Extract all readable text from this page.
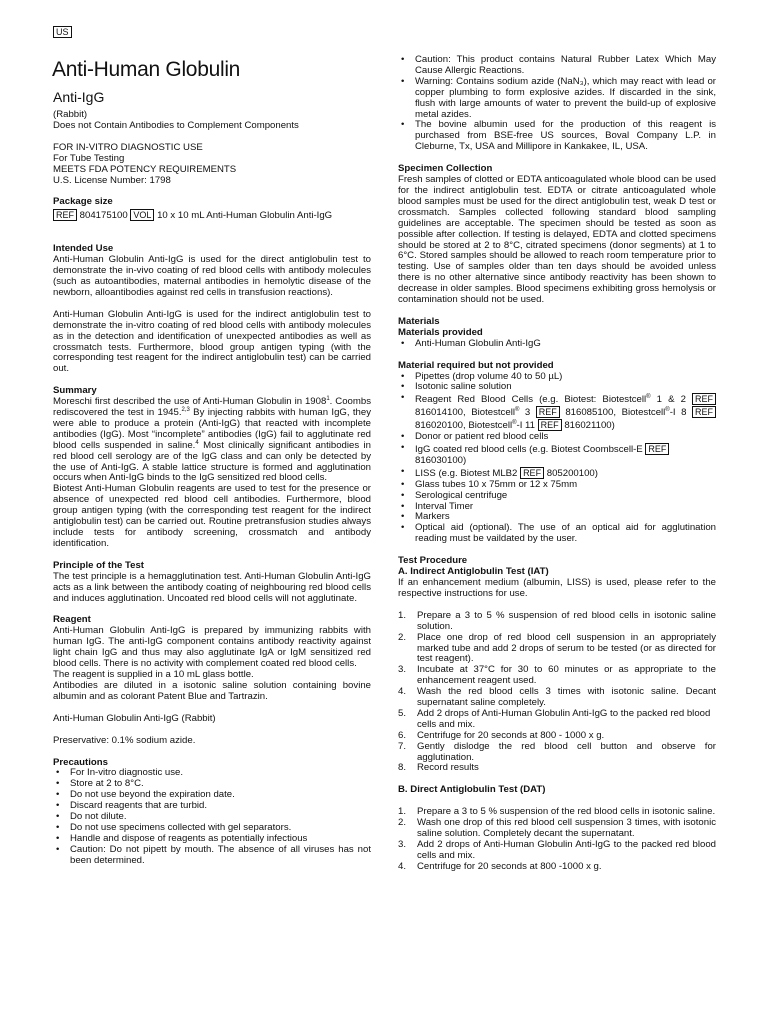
US
Anti-Human Globulin
Anti-IgG

(Rabbit)

Does not Contain Antibodies to Complement Components

FOR IN-VITRO DIAGNOSTIC USE

For Tube Testing

MEETS FDA POTENCY REQUIREMENTS

U.S. License Number: 1798

Package size

REF 804175100 VOL 10 x 10 mL Anti-Human Globulin Anti-IgG

Intended Use

Anti-Human Globulin Anti-IgG is used for the direct antiglobulin test to demonstrate the in-vivo coating of red blood cells with antibody molecules (such as autoantibodies, maternal antibodies in hemolytic disease of the newborn, alloantibodies against red cells in transfusion reactions).

Anti-Human Globulin Anti-IgG is used for the indirect antiglobulin test to demonstrate the in-vitro coating of red blood cells with antibody molecules as in the detection and identification of unexpected antibodies as well as crossmatch tests. Furthermore, blood group antigen typing (with the corresponding test reagent for the indirect antiglobulin test) can be carried out.

Summary

Moreschi first described the use of Anti-Human Globulin in 1908$^1$. Coombs rediscovered the test in 1945.$^{2,3}$ By injecting rabbits with human IgG, they were able to produce a protein (Anti-IgG) that reacted with incomplete antibodies (IgG). Most “incomplete” antibodies (IgG) fail to agglutinate red blood cells suspended in saline.$^4$ Most clinically significant antibodies in red blood cell serology are of the IgG class and can only be detected by the use of Anti-IgG. A stable lattice structure is formed and agglutination occurs when Anti-IgG binds to the IgG sensitized red blood cells.

Biotest Anti-Human Globulin reagents are used to test for the presence or absence of unexpected red blood cell antibodies. Furthermore, blood group antigen typing (with the corresponding test reagent for the indirect antiglobulin test) can be carried out. Routine pretransfusion studies always include tests for antibody screening, crossmatch and antibody identification.

Principle of the Test

The test principle is a hemagglutination test. Anti-Human Globulin Anti-IgG acts as a link between the antibody coating of neighbouring red blood cells and induces agglutination. Uncoated red blood cells will not agglutinate.

Reagent

Anti-Human Globulin Anti-IgG is prepared by immunizing rabbits with human IgG. The anti-IgG component contains antibody reactivity against light chain IgG and thus may also agglutinate IgA or IgM sensitized red blood cells. There is no activity with complement coated red blood cells.

The reagent is supplied in a 10 mL glass bottle.

Antibodies are diluted in a isotonic saline solution containing bovine albumin and as colorant Patent Blue and Tartrazin.

Anti-Human Globulin Anti-IgG (Rabbit)

Preservative: 0.1% sodium azide.

Precautions

• For In-vitro diagnostic use.
• Store at 2 to 8°C.
• Do not use beyond the expiration date.
• Discard reagents that are turbid.
• Do not dilute.
• Do not use specimens collected with gel separators.
• Handle and dispose of reagents as potentially infectious
• Caution: Do not pipett by mouth. The absence of all viruses has not been determined.
• Caution: This product contains Natural Rubber Latex Which May Cause Allergic Reactions.
• Warning: Contains sodium azide (NaN₃), which may react with lead or copper plumbing to form explosive azides. If discarded in the sink, flush with large amounts of water to prevent the build-up of explosive metal azides.
• The bovine albumin used for the production of this reagent is purchased from BSE-free US sources, Boval Company L.P. in Cleburne, Tx, USA and Millipore in Kankakee, IL, USA.

Specimen Collection

Fresh samples of clotted or EDTA anticoagulated whole blood can be used for the indirect antiglobulin test. EDTA or citrate anticoagulated whole blood samples must be used for the direct antiglobulin test, weak D test or crossmatch. Samples collected following standard blood sampling guidelines are acceptable. The specimen should be tested as soon as possible after collection. If testing is delayed, EDTA and clotted specimens should be stored at 2 to 8°C, citrated specimens (donor segments) at 1 to 6°C. Stored samples should be allowed to reach room temperature prior to testing. Use of samples older than ten days should be avoided unless there is no other alternative since antibody reactivity has been shown to decrease in older samples. Blood specimens exhibiting gross hemolysis or contamination should not be used.

Materials

Materials provided

• Anti-Human Globulin Anti-IgG

Material required but not provided

• Pipettes (drop volume 40 to 50 µL)
• Isotonic saline solution
• Reagent Red Blood Cells (e.g. Biotest: Biotestcell® 1 & 2 REF 816014100, Biotestcell® 3 REF 816085100, Biotestcell®-I 8 REF 816020100, Biotestcell®-I 11 REF 816021100)
• Donor or patient red blood cells
• IgG coated red blood cells (e.g. Biotest Coombscell-E REF 816030100)
• LISS (e.g. Biotest MLB2 REF 805200100)
• Glass tubes 10 x 75mm or 12 x 75mm
• Serological centrifuge
• Interval Timer
• Markers
• Optical aid (optional). The use of an optical aid for agglutination reading must be vaildated by the user.

Test Procedure

A. Indirect Antiglobulin Test (IAT)

If an enhancement medium (albumin, LISS) is used, please refer to the respective instructions for use.

1. Prepare a 3 to 5 % suspension of red blood cells in isotonic saline solution.
2. Place one drop of red blood cell suspension in an appropriately marked tube and add 2 drops of serum to be tested (or as directed for test reagent).
3. Incubate at 37°C for 30 to 60 minutes or as appropriate to the enhancement reagent used.
4. Wash the red blood cells 3 times with isotonic saline. Decant supernatant saline completely.
5. Add 2 drops of Anti-Human Globulin Anti-IgG to the packed red blood cells and mix.
6. Centrifuge for 20 seconds at 800 - 1000 x g.
7. Gently dislodge the red blood cell button and observe for agglutination.
8. Record results

B. Direct Antiglobulin Test (DAT)

1. Prepare a 3 to 5 % suspension of the red blood cells in isotonic saline.
2. Wash one drop of this red blood cell suspension 3 times, with isotonic saline solution. Completely decant the supernatant.
3. Add 2 drops of Anti-Human Globulin Anti-IgG to the packed red blood cells and mix.
4. Centrifuge for 20 seconds at 800 -1000 x g.
